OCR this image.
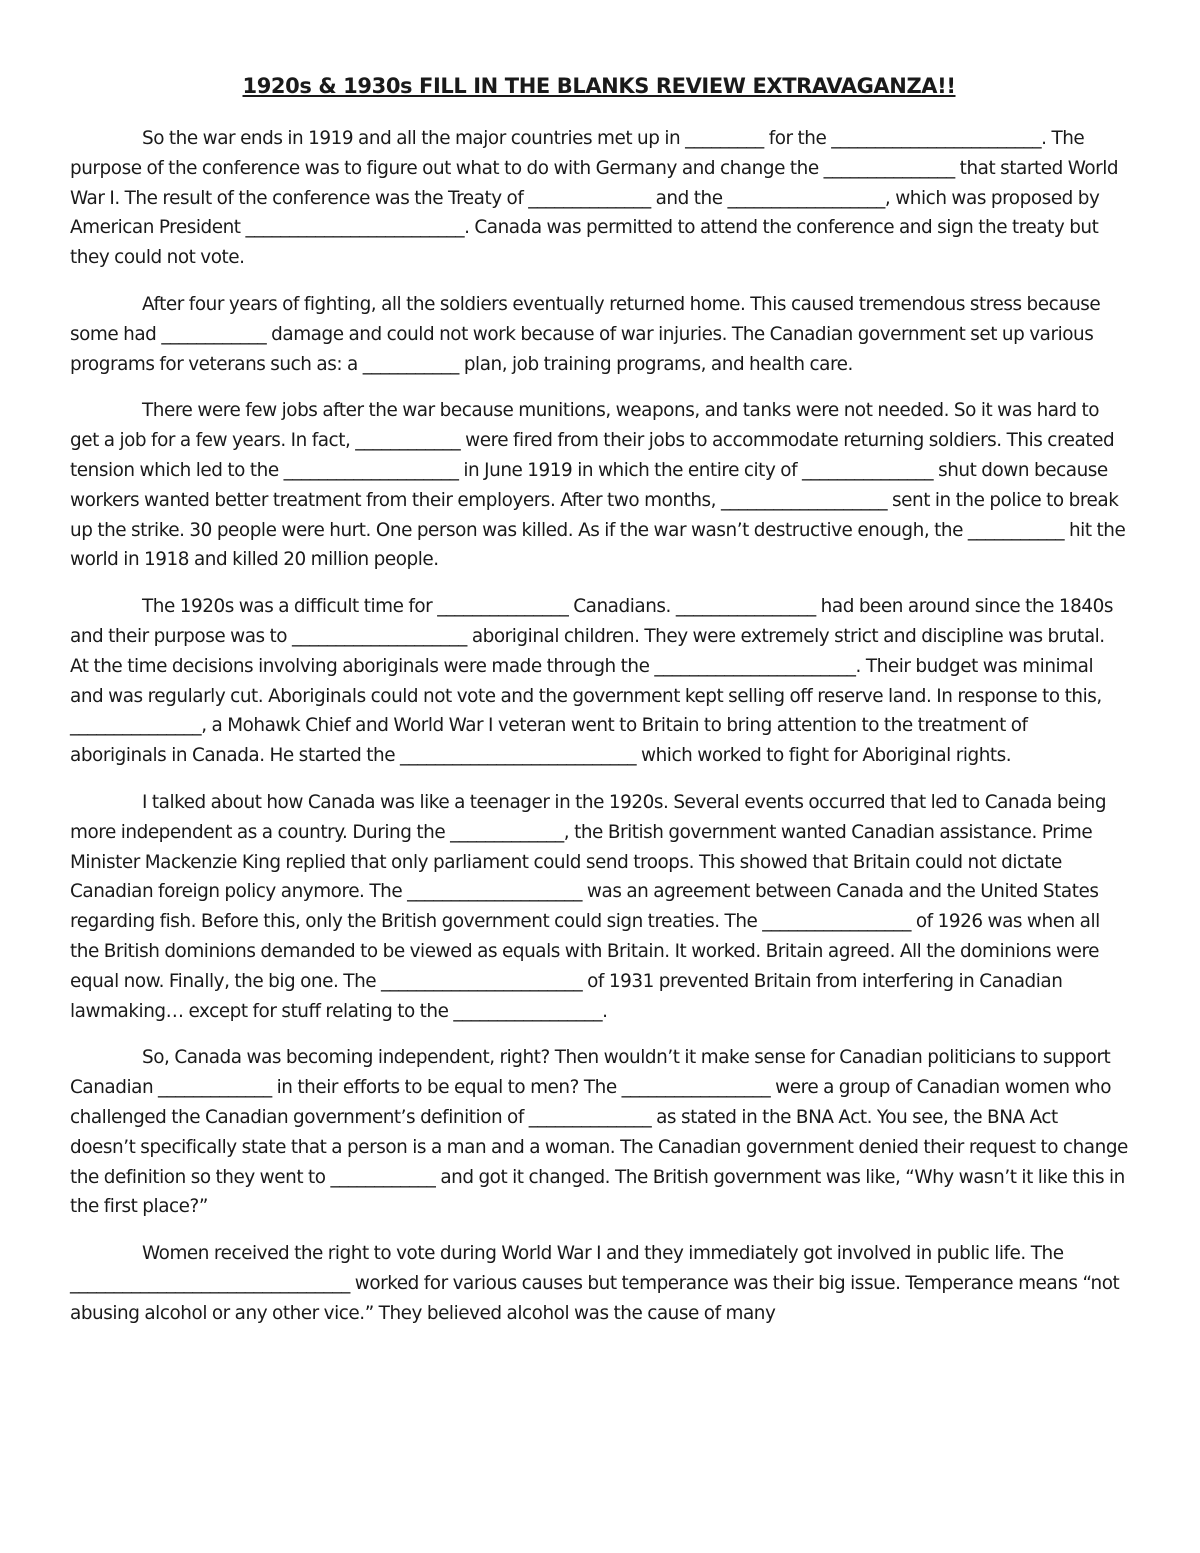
1920s & 1930s FILL IN THE BLANKS REVIEW EXTRAVAGANZA!!

So the war ends in 1919 and all the major countries met up in _________ for the ________________________. The purpose of the conference was to figure out what to do with Germany and change the _______________ that started World War I. The result of the conference was the Treaty of ______________ and the __________________, which was proposed by American President _________________________. Canada was permitted to attend the conference and sign the treaty but they could not vote.

After four years of fighting, all the soldiers eventually returned home. This caused tremendous stress because some had ____________ damage and could not work because of war injuries. The Canadian government set up various programs for veterans such as: a ___________ plan, job training programs, and health care.

There were few jobs after the war because munitions, weapons, and tanks were not needed. So it was hard to get a job for a few years. In fact, ____________ were fired from their jobs to accommodate returning soldiers. This created tension which led to the ____________________ in June 1919 in which the entire city of _______________ shut down because workers wanted better treatment from their employers. After two months, ___________________ sent in the police to break up the strike. 30 people were hurt. One person was killed. As if the war wasn’t destructive enough, the ___________ hit the world in 1918 and killed 20 million people.

The 1920s was a difficult time for _______________ Canadians. ________________ had been around since the 1840s and their purpose was to ____________________ aboriginal children. They were extremely strict and discipline was brutal. At the time decisions involving aboriginals were made through the _______________________. Their budget was minimal and was regularly cut. Aboriginals could not vote and the government kept selling off reserve land. In response to this, _______________, a Mohawk Chief and World War I veteran went to Britain to bring attention to the treatment of aboriginals in Canada. He started the ___________________________ which worked to fight for Aboriginal rights.

I talked about how Canada was like a teenager in the 1920s. Several events occurred that led to Canada being more independent as a country. During the _____________, the British government wanted Canadian assistance. Prime Minister Mackenzie King replied that only parliament could send troops. This showed that Britain could not dictate Canadian foreign policy anymore. The ____________________ was an agreement between Canada and the United States regarding fish. Before this, only the British government could sign treaties. The _________________ of 1926 was when all the British dominions demanded to be viewed as equals with Britain. It worked. Britain agreed. All the dominions were equal now. Finally, the big one. The _______________________ of 1931 prevented Britain from interfering in Canadian lawmaking… except for stuff relating to the _________________.

So, Canada was becoming independent, right? Then wouldn’t it make sense for Canadian politicians to support Canadian _____________ in their efforts to be equal to men? The _________________ were a group of Canadian women who challenged the Canadian government’s definition of ______________ as stated in the BNA Act. You see, the BNA Act doesn’t specifically state that a person is a man and a woman. The Canadian government denied their request to change the definition so they went to ____________ and got it changed. The British government was like, “Why wasn’t it like this in the first place?”

Women received the right to vote during World War I and they immediately got involved in public life. The ________________________________ worked for various causes but temperance was their big issue. Temperance means “not abusing alcohol or any other vice.” They believed alcohol was the cause of many
